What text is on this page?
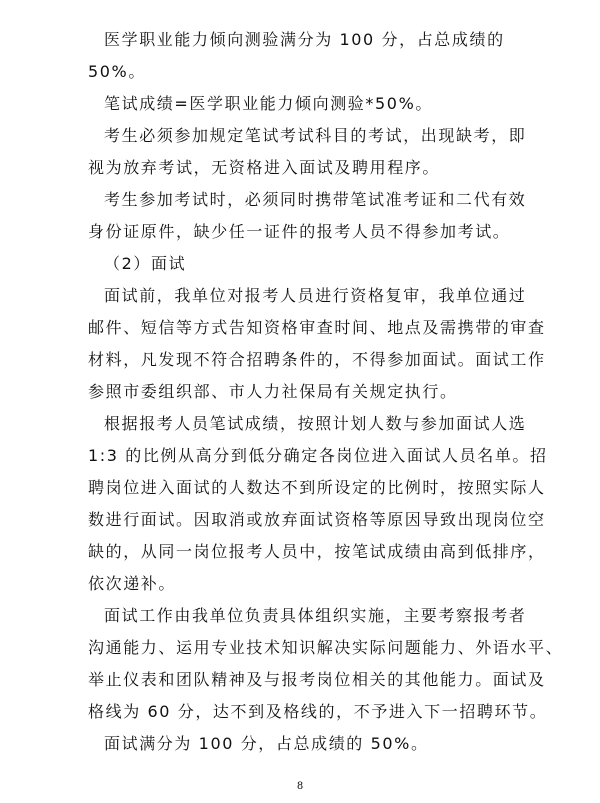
医学职业能力倾向测验满分为 100 分，占总成绩的
50%。
笔试成绩=医学职业能力倾向测验*50%。
考生必须参加规定笔试考试科目的考试，出现缺考，即
视为放弃考试，无资格进入面试及聘用程序。
考生参加考试时，必须同时携带笔试准考证和二代有效
身份证原件，缺少任一证件的报考人员不得参加考试。
（2）面试
面试前，我单位对报考人员进行资格复审，我单位通过
邮件、短信等方式告知资格审查时间、地点及需携带的审查
材料，凡发现不符合招聘条件的，不得参加面试。面试工作
参照市委组织部、市人力社保局有关规定执行。
根据报考人员笔试成绩，按照计划人数与参加面试人选
1:3 的比例从高分到低分确定各岗位进入面试人员名单。招
聘岗位进入面试的人数达不到所设定的比例时，按照实际人
数进行面试。因取消或放弃面试资格等原因导致出现岗位空
缺的，从同一岗位报考人员中，按笔试成绩由高到低排序，
依次递补。
面试工作由我单位负责具体组织实施，主要考察报考者
沟通能力、运用专业技术知识解决实际问题能力、外语水平、
举止仪表和团队精神及与报考岗位相关的其他能力。面试及
格线为 60 分，达不到及格线的，不予进入下一招聘环节。
面试满分为 100 分，占总成绩的 50%。
8
